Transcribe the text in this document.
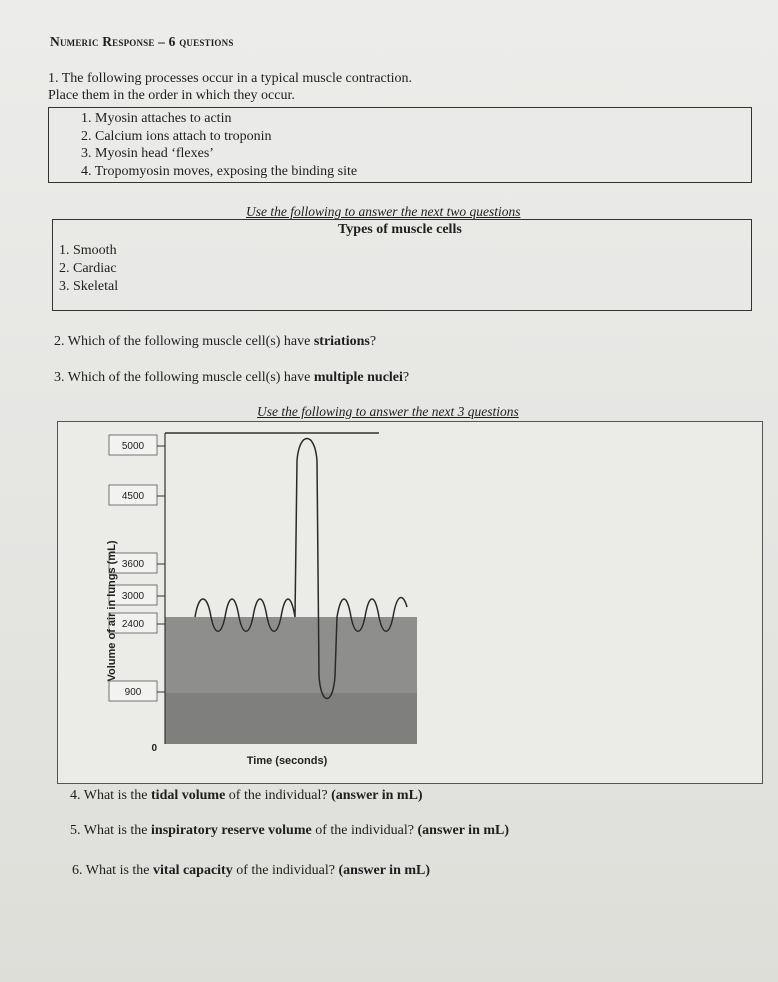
Numeric Response – 6 questions
1. The following processes occur in a typical muscle contraction.
Place them in the order in which they occur.
1. Myosin attaches to actin
2. Calcium ions attach to troponin
3. Myosin head ‘flexes’
4. Tropomyosin moves, exposing the binding site
Use the following to answer the next two questions
Types of muscle cells
1. Smooth
2. Cardiac
3. Skeletal
2. Which of the following muscle cell(s) have striations?
3. Which of the following muscle cell(s) have multiple nuclei?
Use the following to answer the next 3 questions
5000
4500
3600
3000
2400
900
Volume of air in lungs (mL)
0
Time (seconds)
4. What is the tidal volume of the individual? (answer in mL)
5. What is the inspiratory reserve volume of the individual? (answer in mL)
6. What is the vital capacity of the individual? (answer in mL)
